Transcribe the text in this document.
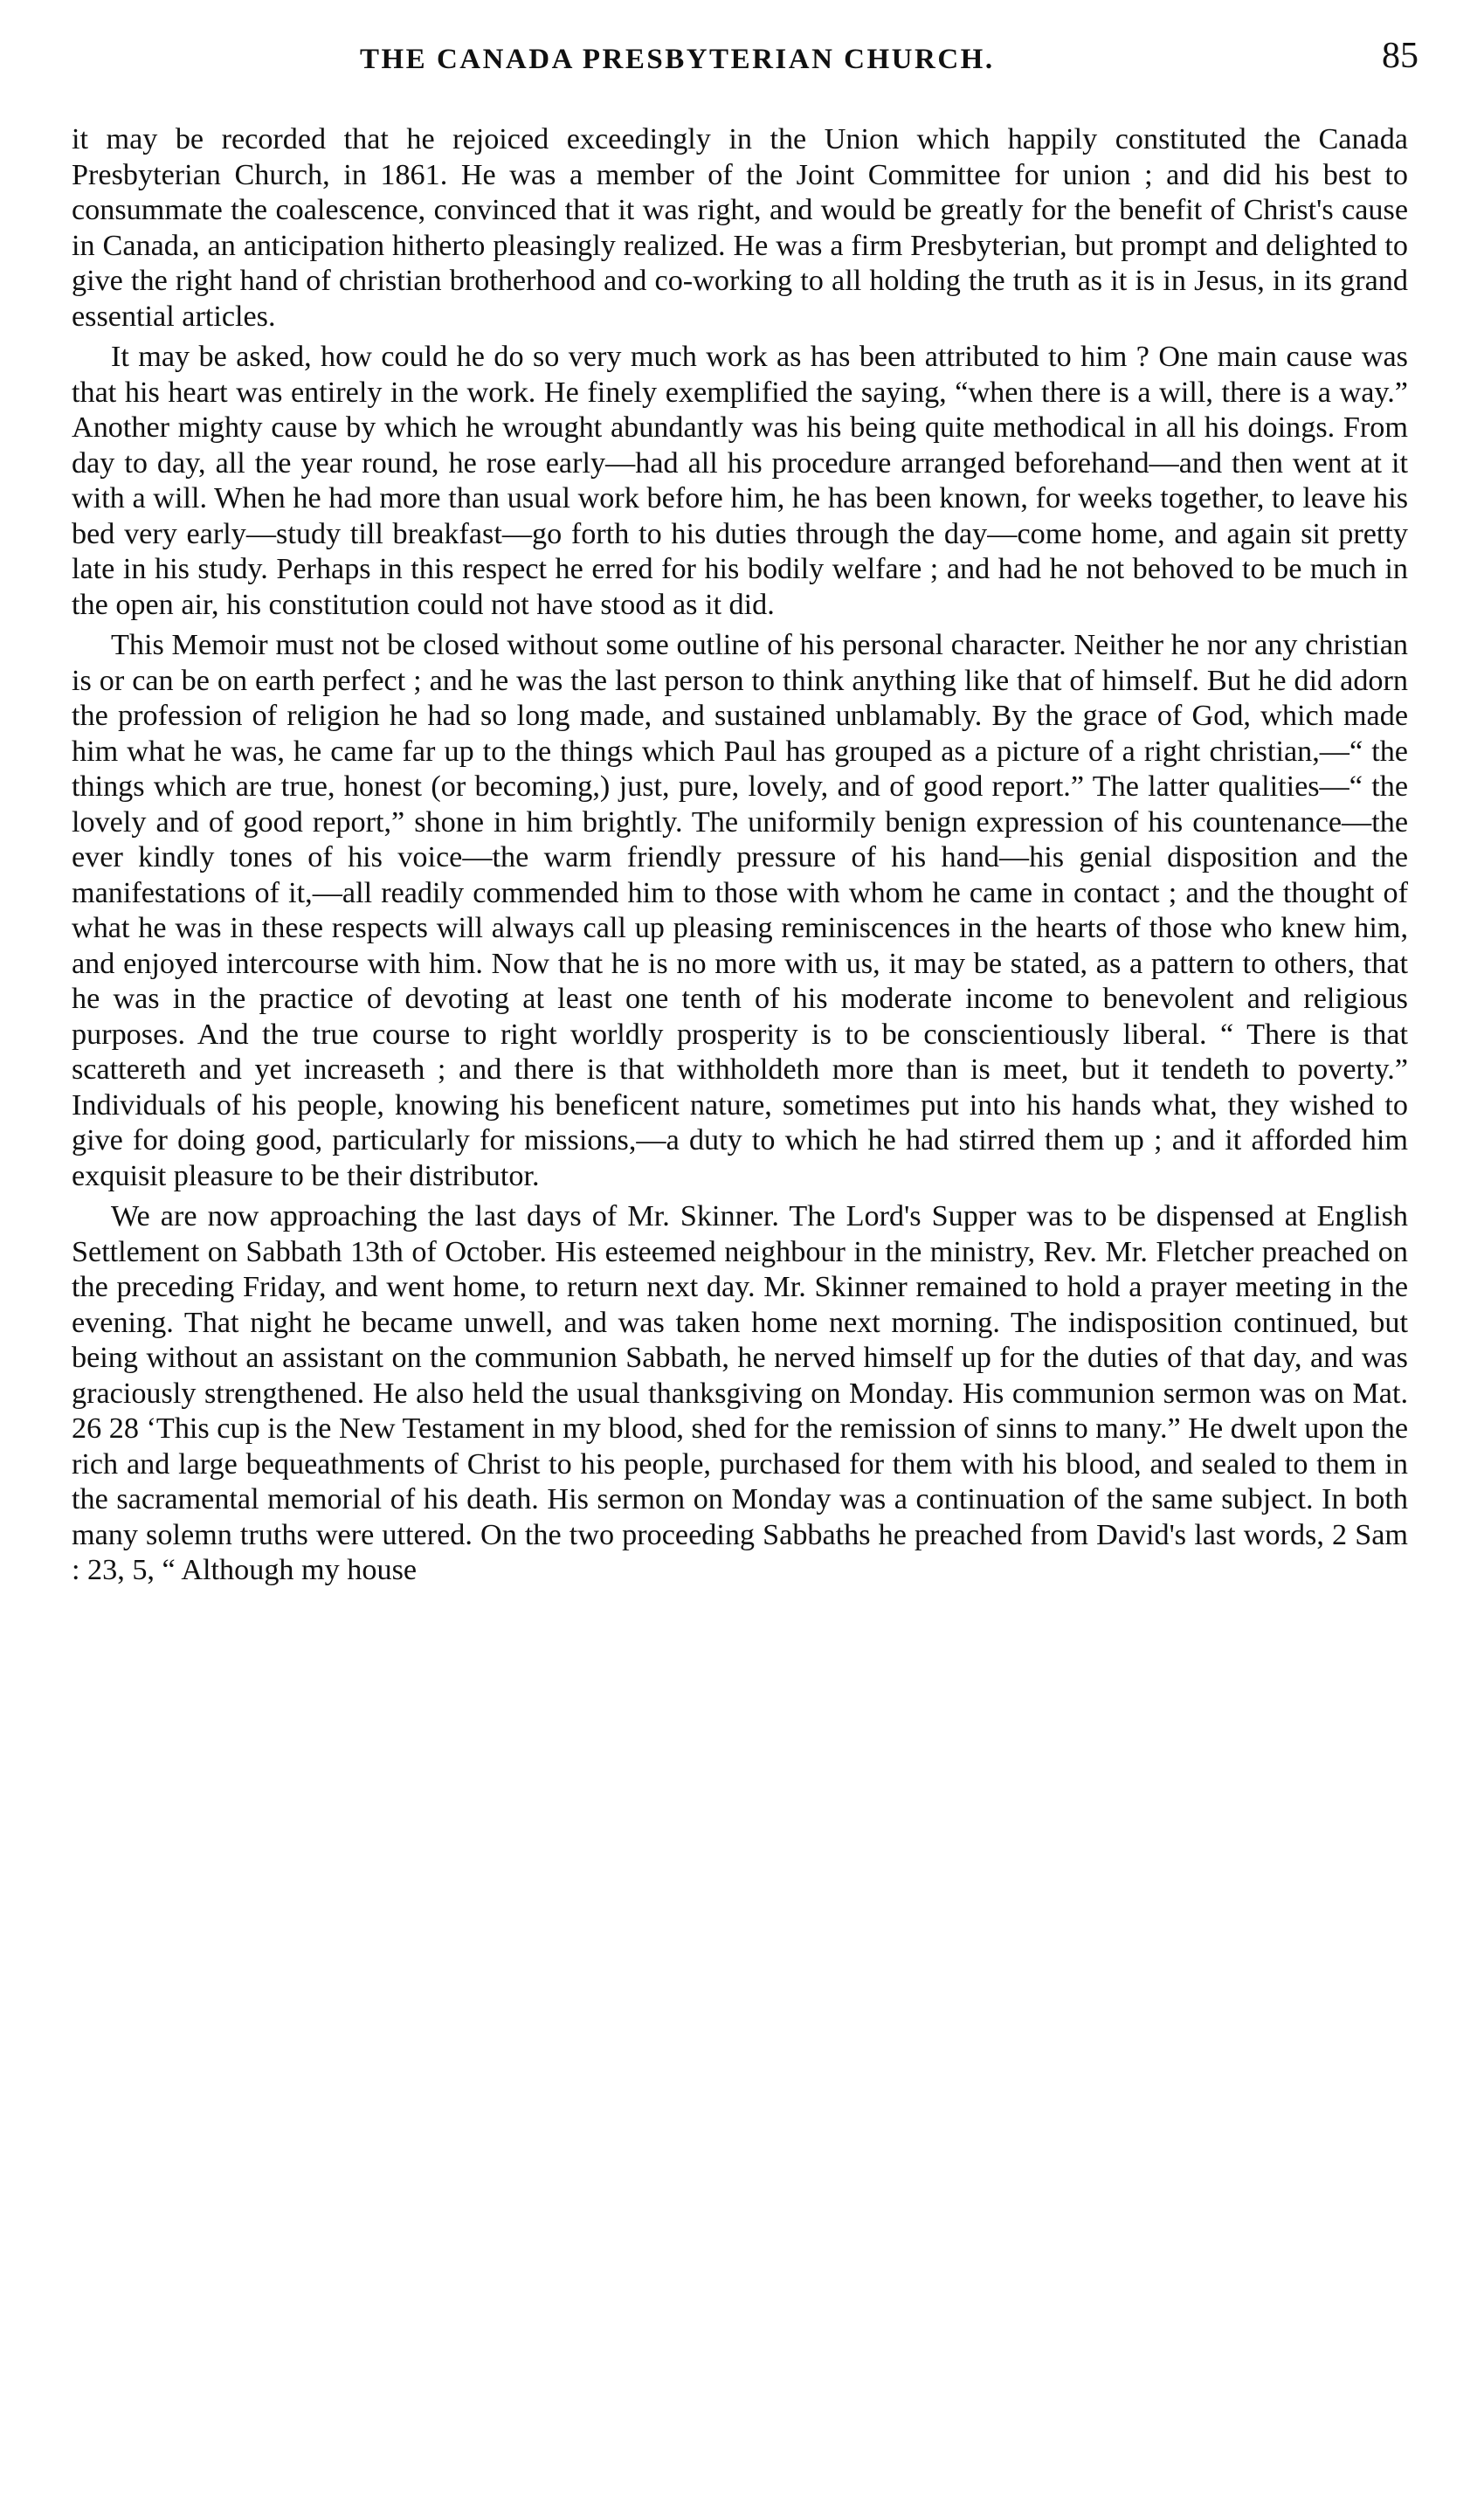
THE CANADA PRESBYTERIAN CHURCH.	85

it may be recorded that he rejoiced exceedingly in the Union which happily constituted the Canada Presbyterian Church, in 1861. He was a member of the Joint Committee for union ; and did his best to consummate the coalescence, convinced that it was right, and would be greatly for the benefit of Christ's cause in Canada, an anticipation hitherto pleasingly realized. He was a firm Presbyterian, but prompt and delighted to give the right hand of christian brotherhood and co-working to all holding the truth as it is in Jesus, in its grand essential articles.

It may be asked, how could he do so very much work as has been attributed to him ? One main cause was that his heart was entirely in the work. He finely exemplified the saying, “when there is a will, there is a way.” Another mighty cause by which he wrought abundantly was his being quite methodical in all his doings. From day to day, all the year round, he rose early—had all his procedure arranged beforehand—and then went at it with a will. When he had more than usual work before him, he has been known, for weeks together, to leave his bed very early—study till breakfast—go forth to his duties through the day—come home, and again sit pretty late in his study. Perhaps in this respect he erred for his bodily welfare ; and had he not behoved to be much in the open air, his constitution could not have stood as it did.

This Memoir must not be closed without some outline of his personal character. Neither he nor any christian is or can be on earth perfect ; and he was the last person to think anything like that of himself. But he did adorn the profession of religion he had so long made, and sustained unblamably. By the grace of God, which made him what he was, he came far up to the things which Paul has grouped as a picture of a right christian,—“ the things which are true, honest (or becoming,) just, pure, lovely, and of good report.” The latter qualities—“ the lovely and of good report,” shone in him brightly. The uniformily benign expression of his countenance—the ever kindly tones of his voice—the warm friendly pressure of his hand—his genial disposition and the manifestations of it,—all readily commended him to those with whom he came in contact ; and the thought of what he was in these respects will always call up pleasing reminiscences in the hearts of those who knew him, and enjoyed intercourse with him. Now that he is no more with us, it may be stated, as a pattern to others, that he was in the practice of devoting at least one tenth of his moderate income to benevolent and religious purposes. And the true course to right worldly prosperity is to be conscientiously liberal. “ There is that scattereth and yet increaseth ; and there is that withholdeth more than is meet, but it tendeth to poverty.” Individuals of his people, knowing his beneficent nature, sometimes put into his hands what, they wished to give for doing good, particularly for missions,—a duty to which he had stirred them up ; and it afforded him exquisit pleasure to be their distributor.

We are now approaching the last days of Mr. Skinner. The Lord's Supper was to be dispensed at English Settlement on Sabbath 13th of October. His esteemed neighbour in the ministry, Rev. Mr. Fletcher preached on the preceding Friday, and went home, to return next day. Mr. Skinner remained to hold a prayer meeting in the evening. That night he became unwell, and was taken home next morning. The indisposition continued, but being without an assistant on the communion Sabbath, he nerved himself up for the duties of that day, and was graciously strengthened. He also held the usual thanksgiving on Monday. His communion sermon was on Mat. 26 28 ‘This cup is the New Testament in my blood, shed for the remission of sinns to many.” He dwelt upon the rich and large bequeathments of Christ to his people, purchased for them with his blood, and sealed to them in the sacramental memorial of his death. His sermon on Monday was a continuation of the same subject. In both many solemn truths were uttered. On the two proceeding Sabbaths he preached from David's last words, 2 Sam : 23, 5, “ Although my house
